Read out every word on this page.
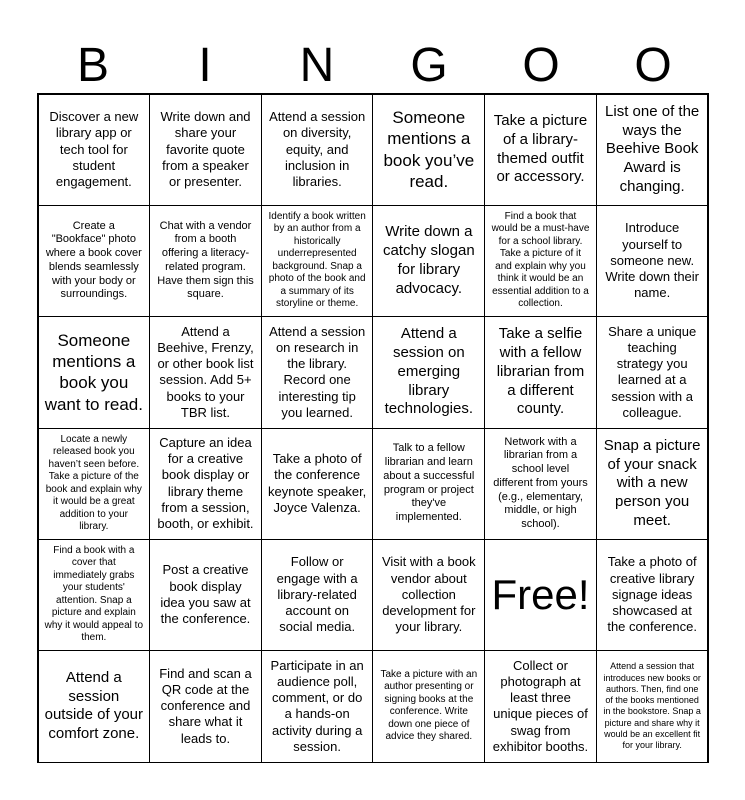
B	I	N	G	O	O
Discover a new library app or tech tool for student engagement.
Write down and share your favorite quote from a speaker or presenter.
Attend a session on diversity, equity, and inclusion in libraries.
Someone mentions a book you’ve read.
Take a picture of a library-themed outfit or accessory.
List one of the ways the Beehive Book Award is changing.
Create a "Bookface" photo where a book cover blends seamlessly with your body or surroundings.
Chat with a vendor from a booth offering a literacy-related program. Have them sign this square.
Identify a book written by an author from a historically underrepresented background. Snap a photo of the book and a summary of its storyline or theme.
Write down a catchy slogan for library advocacy.
Find a book that would be a must-have for a school library. Take a picture of it and explain why you think it would be an essential addition to a collection.
Introduce yourself to someone new. Write down their name.
Someone mentions a book you want to read.
Attend a Beehive, Frenzy, or other book list session. Add 5+ books to your TBR list.
Attend a session on research in the library. Record one interesting tip you learned.
Attend a session on emerging library technologies.
Take a selfie with a fellow librarian from a different county.
Share a unique teaching strategy you learned at a session with a colleague.
Locate a newly released book you haven’t seen before. Take a picture of the book and explain why it would be a great addition to your library.
Capture an idea for a creative book display or library theme from a session, booth, or exhibit.
Take a photo of the conference keynote speaker, Joyce Valenza.
Talk to a fellow librarian and learn about a successful program or project they've implemented.
Network with a librarian from a school level different from yours (e.g., elementary, middle, or high school).
Snap a picture of your snack with a new person you meet.
Find a book with a cover that immediately grabs your students' attention. Snap a picture and explain why it would appeal to them.
Post a creative book display idea you saw at the conference.
Follow or engage with a library-related account on social media.
Visit with a book vendor about collection development for your library.
Free!
Take a photo of creative library signage ideas showcased at the conference.
Attend a session outside of your comfort zone.
Find and scan a QR code at the conference and share what it leads to.
Participate in an audience poll, comment, or do a hands-on activity during a session.
Take a picture with an author presenting or signing books at the conference. Write down one piece of advice they shared.
Collect or photograph at least three unique pieces of swag from exhibitor booths.
Attend a session that introduces new books or authors. Then, find one of the books mentioned in the bookstore. Snap a picture and share why it would be an excellent fit for your library.
